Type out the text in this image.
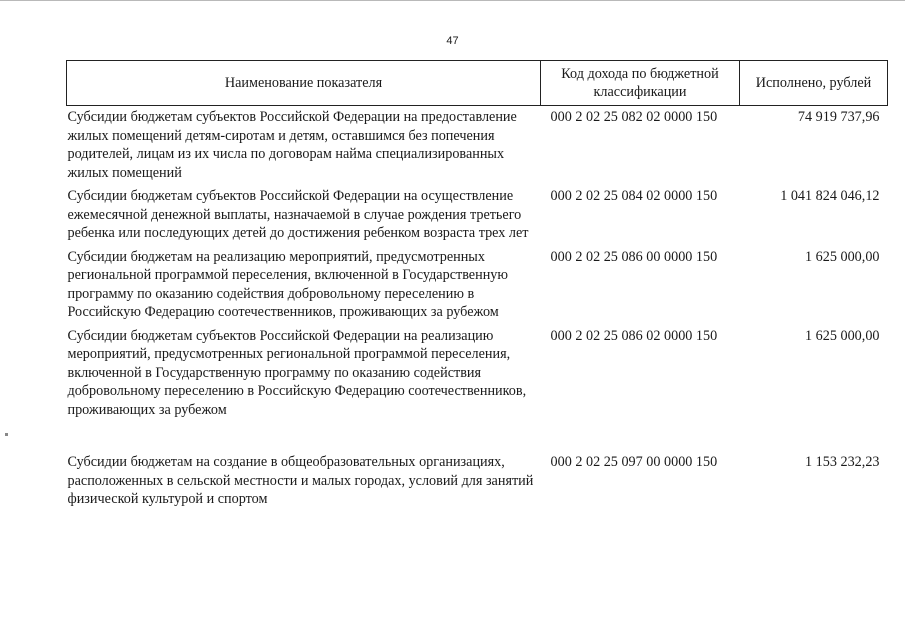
47
Наименование показателя	Код дохода по бюджетной классификации	Исполнено, рублей
Субсидии бюджетам субъектов Российской Федерации на предоставление жилых помещений детям-сиротам и детям, оставшимся без попечения родителей, лицам из их числа по договорам найма специализированных жилых помещений	000 2 02 25 082 02 0000 150	74 919 737,96
Субсидии бюджетам субъектов Российской Федерации на осуществление ежемесячной денежной выплаты, назначаемой в случае рождения третьего ребенка или последующих детей до достижения ребенком возраста трех лет	000 2 02 25 084 02 0000 150	1 041 824 046,12
Субсидии бюджетам на реализацию мероприятий, предусмотренных региональной программой переселения, включенной в Государственную программу по оказанию содействия добровольному переселению в Российскую Федерацию соотечественников, проживающих за рубежом	000 2 02 25 086 00 0000 150	1 625 000,00
Субсидии бюджетам субъектов Российской Федерации на реализацию мероприятий, предусмотренных региональной программой переселения, включенной в Государственную программу по оказанию содействия добровольному переселению в Российскую Федерацию соотечественников, проживающих за рубежом	000 2 02 25 086 02 0000 150	1 625 000,00
Субсидии бюджетам на создание в общеобразовательных организациях, расположенных в сельской местности и малых городах, условий для занятий физической культурой и спортом	000 2 02 25 097 00 0000 150	1 153 232,23
